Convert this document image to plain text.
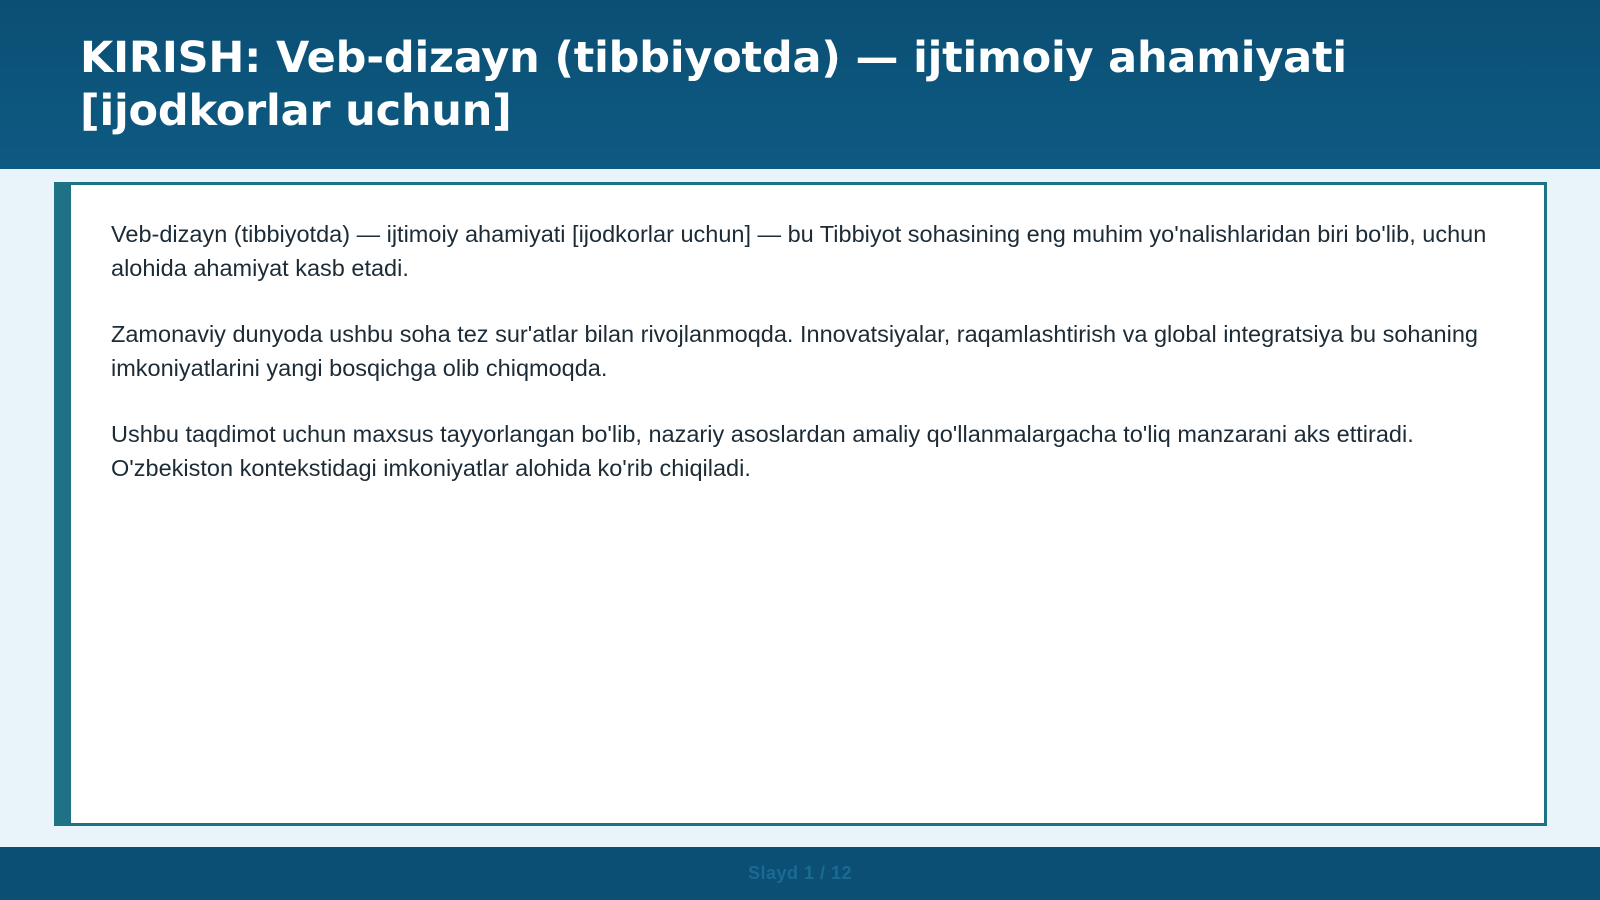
KIRISH: Veb-dizayn (tibbiyotda) — ijtimoiy ahamiyati [ijodkorlar uchun]

Veb-dizayn (tibbiyotda) — ijtimoiy ahamiyati [ijodkorlar uchun] — bu Tibbiyot sohasining eng muhim yo'nalishlaridan biri bo'lib, uchun alohida ahamiyat kasb etadi.

Zamonaviy dunyoda ushbu soha tez sur'atlar bilan rivojlanmoqda. Innovatsiyalar, raqamlashtirish va global integratsiya bu sohaning imkoniyatlarini yangi bosqichga olib chiqmoqda.

Ushbu taqdimot uchun maxsus tayyorlangan bo'lib, nazariy asoslardan amaliy qo'llanmalargacha to'liq manzarani aks ettiradi. O'zbekiston kontekstidagi imkoniyatlar alohida ko'rib chiqiladi.

Slayd 1 / 12
